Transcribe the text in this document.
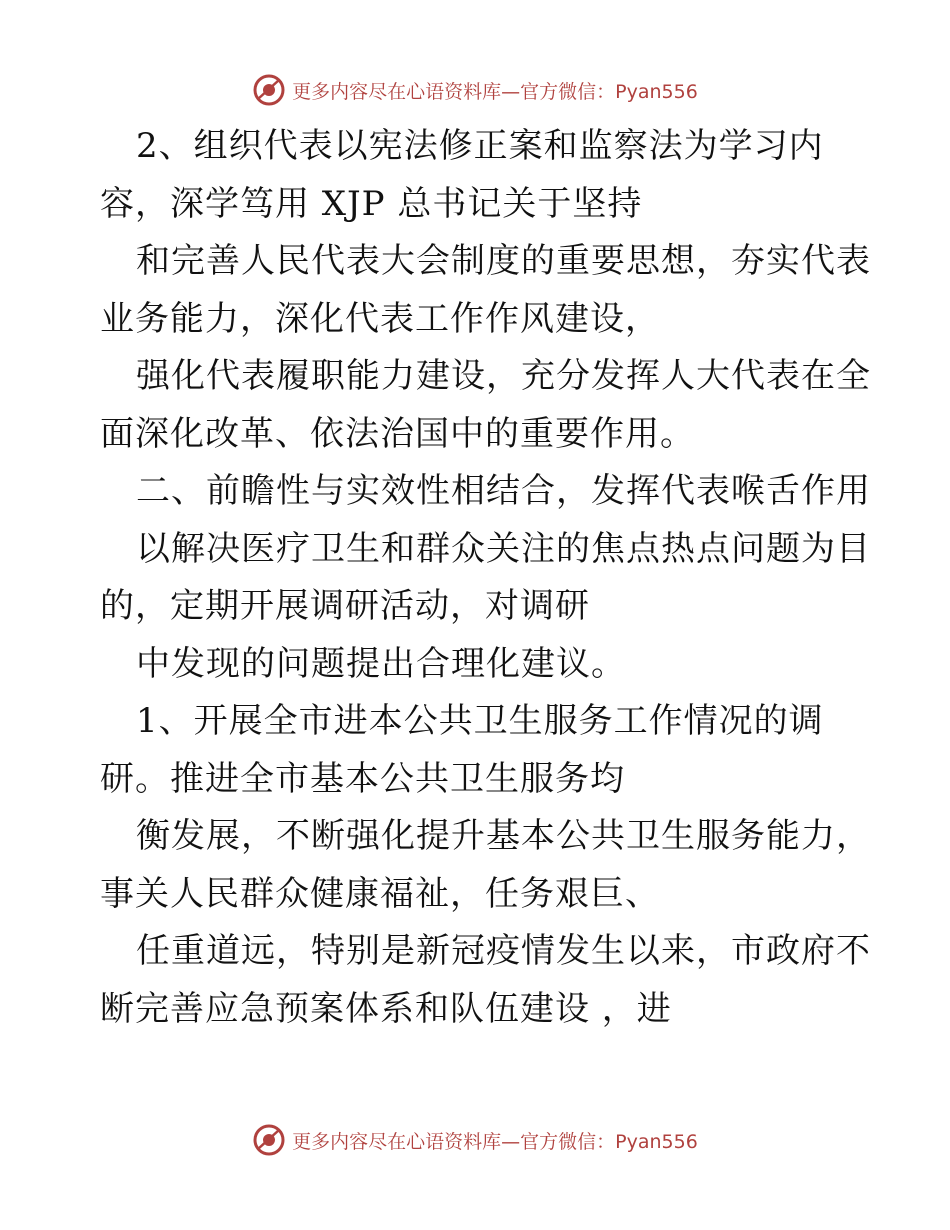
更多内容尽在心语资料库—官方微信：Pyan556
2、组织代表以宪法修正案和监察法为学习内
容，深学笃用 XJP 总书记关于坚持
和完善人民代表大会制度的重要思想，夯实代表
业务能力，深化代表工作作风建设，
强化代表履职能力建设，充分发挥人大代表在全
面深化改革、依法治国中的重要作用。
二、前瞻性与实效性相结合，发挥代表喉舌作用
以解决医疗卫生和群众关注的焦点热点问题为目
的，定期开展调研活动，对调研
中发现的问题提出合理化建议。
1、开展全市进本公共卫生服务工作情况的调
研。推进全市基本公共卫生服务均
衡发展，不断强化提升基本公共卫生服务能力，
事关人民群众健康福祉，任务艰巨、
任重道远，特别是新冠疫情发生以来，市政府不
断完善应急预案体系和队伍建设 ，进
更多内容尽在心语资料库—官方微信：Pyan556
